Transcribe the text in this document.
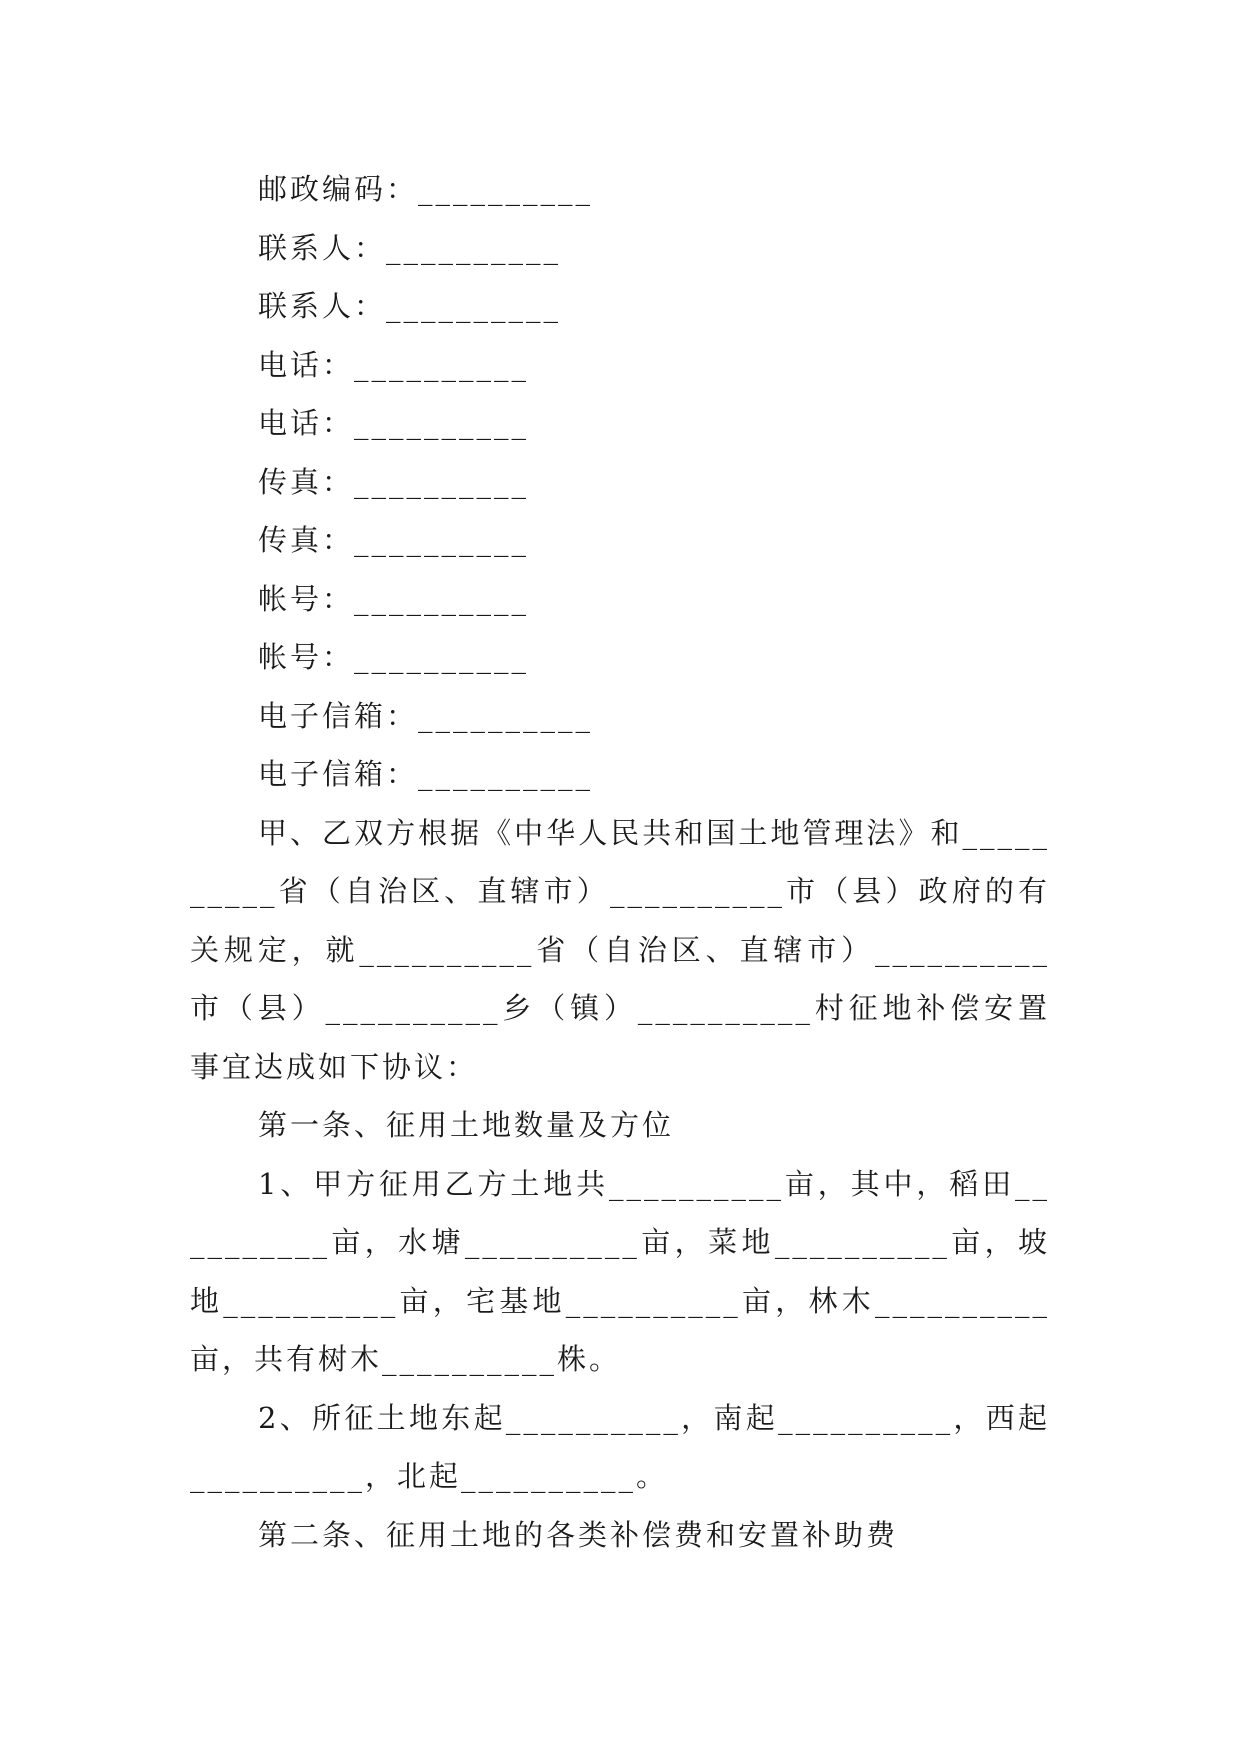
邮政编码：__________

联系人：__________

联系人：__________

电话：__________

电话：__________

传真：__________

传真：__________

帐号：__________

帐号：__________

电子信箱：__________

电子信箱：__________

甲、乙双方根据《中华人民共和国土地管理法》和__________省（自治区、直辖市）__________市（县）政府的有关规定，就__________省（自治区、直辖市）__________市（县）__________乡（镇）__________村征地补偿安置事宜达成如下协议：

第一条、征用土地数量及方位

1、甲方征用乙方土地共__________亩，其中，稻田__________亩，水塘__________亩，菜地__________亩，坡地__________亩，宅基地__________亩，林木__________亩，共有树木__________株。

2、所征土地东起__________，南起__________，西起__________，北起__________。

第二条、征用土地的各类补偿费和安置补助费
